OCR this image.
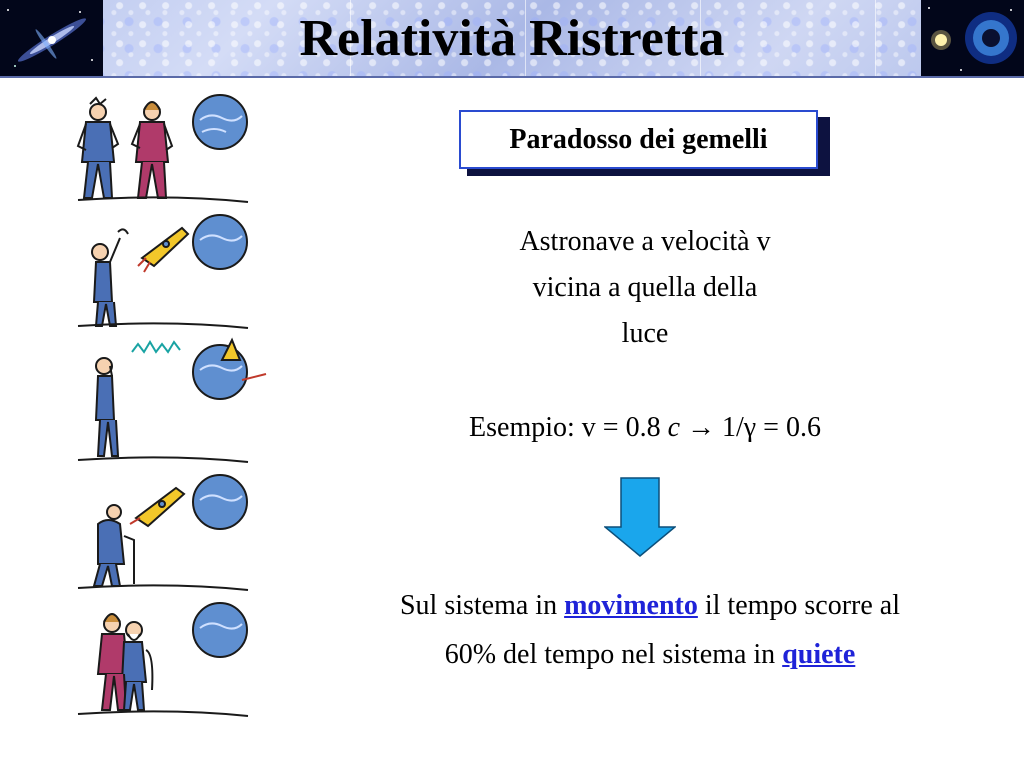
Relatività Ristretta
Paradosso dei gemelli
Astronave a velocità v
vicina a quella della
luce
Esempio: v = 0.8 c → 1/γ = 0.6
Sul sistema in movimento il tempo scorre al
60% del tempo nel sistema in quiete
